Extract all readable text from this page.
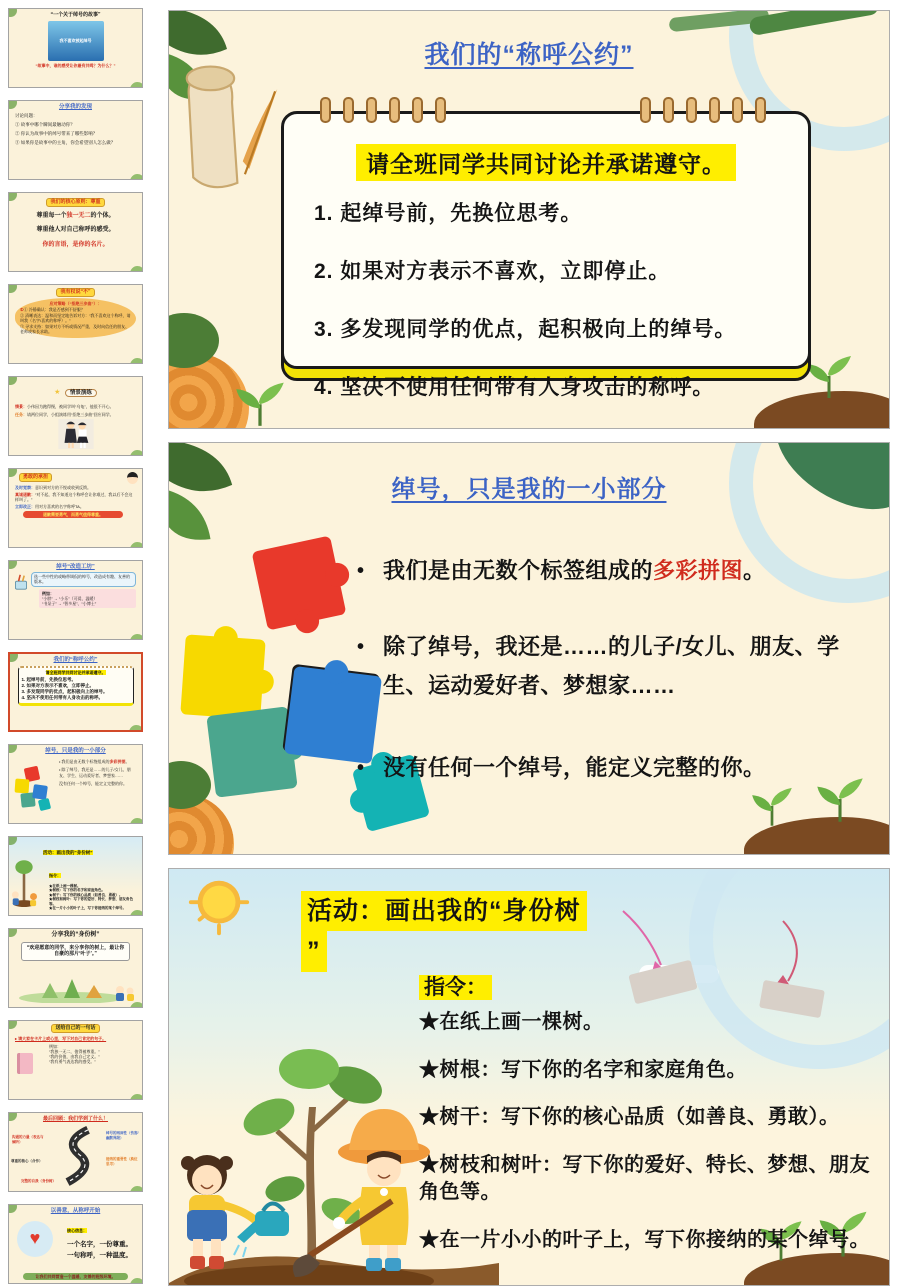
“一个关于绰号的故事”
我不喜欢被起绰号
“故事中，谁的感受让你最有共鸣？为什么？”
分享我的发现
讨论问题：
① 故事中哪个瞬间最触动你？
② 你认为故事中的绰号带来了哪些影响？
③ 如果你是故事中的主角，你会希望别人怎么做？
我们的核心原则：尊重
尊重每一个独一无二的个体。
尊重他人对自己称呼的感受。
你的言语，是你的名片。
我有权说“不”
应对策略（“拒绝三步曲”）：
①① 冷静确认：我是否感到不舒服？
② 清晰表达：温和而坚定地告诉对方：“我不喜欢这个称呼，请叫我（名字/喜欢的称呼）。”
③ 寻求支持：如果对方不听或情况严重，及时向信任的朋友、老师或家长求助。
★ 情景演练
情景：小伟因为跑得慢，被同学叫“乌龟”，他很不开心。
任务：请两位同学，小组演练用“拒绝三步曲”回应同学。
勇敢的承担
及时觉察：意识到对方的不悦或收到反馈。
真诚道歉：“对不起，我不知道这个称呼会让你难过，我以后不会这样叫了。”
立即改正：用对方喜欢的名字称呼TA。
道歉需要勇气，而勇气值得尊重。
绰号“改造工坊”
选一些中性的或略带调侃的绰号，改造成有趣、友善的版本。
例如：
“小胖” → “小乐”（可爱、温暖）
“书呆子” → “智多星”、“小博士”
我们的“称呼公约”
请全班同学共同讨论并承诺遵守。
1. 起绰号前，先换位思考。
2. 如果对方表示不喜欢，立即停止。
3. 多发现同学的优点，起积极向上的绰号。
4. 坚决不使用任何带有人身攻击的称呼。
绰号，只是我的一小部分
• 我们是由无数个标签组成的多彩拼图。
• 除了绰号，我还是……的儿子/女儿、朋友、学生、运动爱好者、梦想家……
没有任何一个绰号，能定义完整的你。
活动：画出我的“身份树”
指令：
★在纸上画一棵树。
★树根：写下你的名字和家庭角色。
★树干：写下你的核心品质（如善良、勇敢）。
★树枝和树叶：写下你的爱好、特长、梦想、朋友角色等。
★在一片小小的叶子上，写下你接纳的某个绰号。
分享我的“身份树”
“欢迎愿意的同学，来分享你的树上，最让你自豪的那片‘叶子’。”
送给自己的一句话
▸ 请大家在卡片上或心里，写下对自己肯定的句子。
例如：
“我独一无二，值得被尊重。”
“我的价值，由我自己定义。”
“我有勇气表达我的感受。”
最后回顾：我们学到了什么！
沟通的力量（表达与倾听）
绰号的两面性（伤害/幽默界限）
尊重的核心（合作）	接纳的重要性（换位思考）
完整的自我（身份树）
以善意，从称呼开始
♥	核心信息：
一个名字，一份尊重。
一句称呼，一种温度。
让我们共同营造一个温暖、友善的班级环境。
我们的“称呼公约”
请全班同学共同讨论并承诺遵守。
1. 起绰号前，先换位思考。
2. 如果对方表示不喜欢，立即停止。
3. 多发现同学的优点，起积极向上的绰号。
4. 坚决不使用任何带有人身攻击的称呼。
绰号，只是我的一小部分
• 我们是由无数个标签组成的多彩拼图。
• 除了绰号，我还是……的儿子/女儿、朋友、学生、运动爱好者、梦想家……
• 没有任何一个绰号，能定义完整的你。
活动：画出我的“身份树
”
指令：
★在纸上画一棵树。
★树根：写下你的名字和家庭角色。
★树干：写下你的核心品质（如善良、勇敢）。
★树枝和树叶：写下你的爱好、特长、梦想、朋友角色等。
★在一片小小的叶子上，写下你接纳的某个绰号。
